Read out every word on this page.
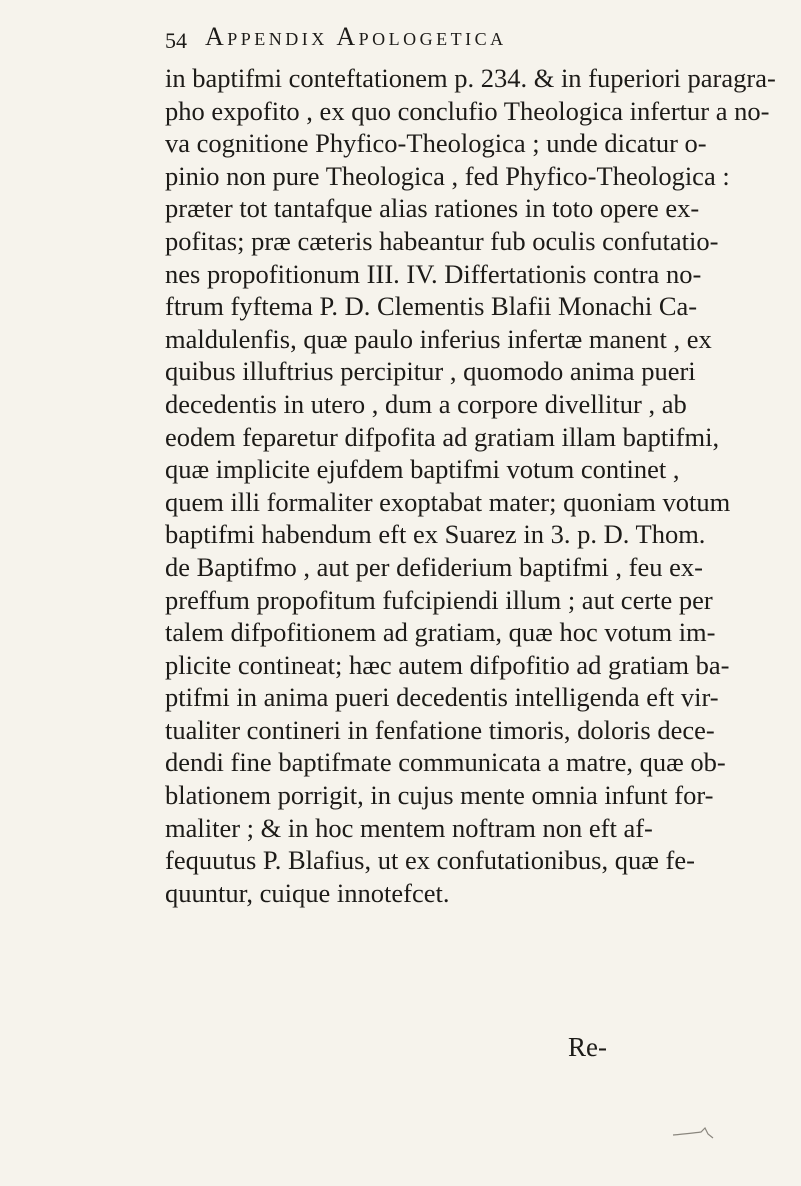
54 Appendix Apologetica
in baptifmi conteftationem p. 234. & in fuperiori paragra-
pho expofito , ex quo conclufio Theologica infertur a no-
va cognitione Phyfico-Theologica ; unde dicatur o-
pinio non pure Theologica , fed Phyfico-Theologica :
præter tot tantafque alias rationes in toto opere ex-
pofitas; præ cæteris habeantur fub oculis confutatio-
nes propofitionum III. IV. Differtationis contra no-
ftrum fyftema P. D. Clementis Blafii Monachi Ca-
maldulenfis, quæ paulo inferius infertæ manent , ex
quibus illuftrius percipitur , quomodo anima pueri
decedentis in utero , dum a corpore divellitur , ab
eodem feparetur difpofita ad gratiam illam baptifmi,
quæ implicite ejufdem baptifmi votum continet ,
quem illi formaliter exoptabat mater; quoniam votum
baptifmi habendum eft ex Suarez in 3. p. D. Thom.
de Baptifmo , aut per defiderium baptifmi , feu ex-
preffum propofitum fufcipiendi illum ; aut certe per
talem difpofitionem ad gratiam, quæ hoc votum im-
plicite contineat; hæc autem difpofitio ad gratiam ba-
ptifmi in anima pueri decedentis intelligenda eft vir-
tualiter contineri in fenfatione timoris, doloris dece-
dendi fine baptifmate communicata a matre, quæ ob-
blationem porrigit, in cujus mente omnia infunt for-
maliter ; & in hoc mentem noftram non eft af-
fequutus P. Blafius, ut ex confutationibus, quæ fe-
quuntur, cuique innotefcet.
Re-
